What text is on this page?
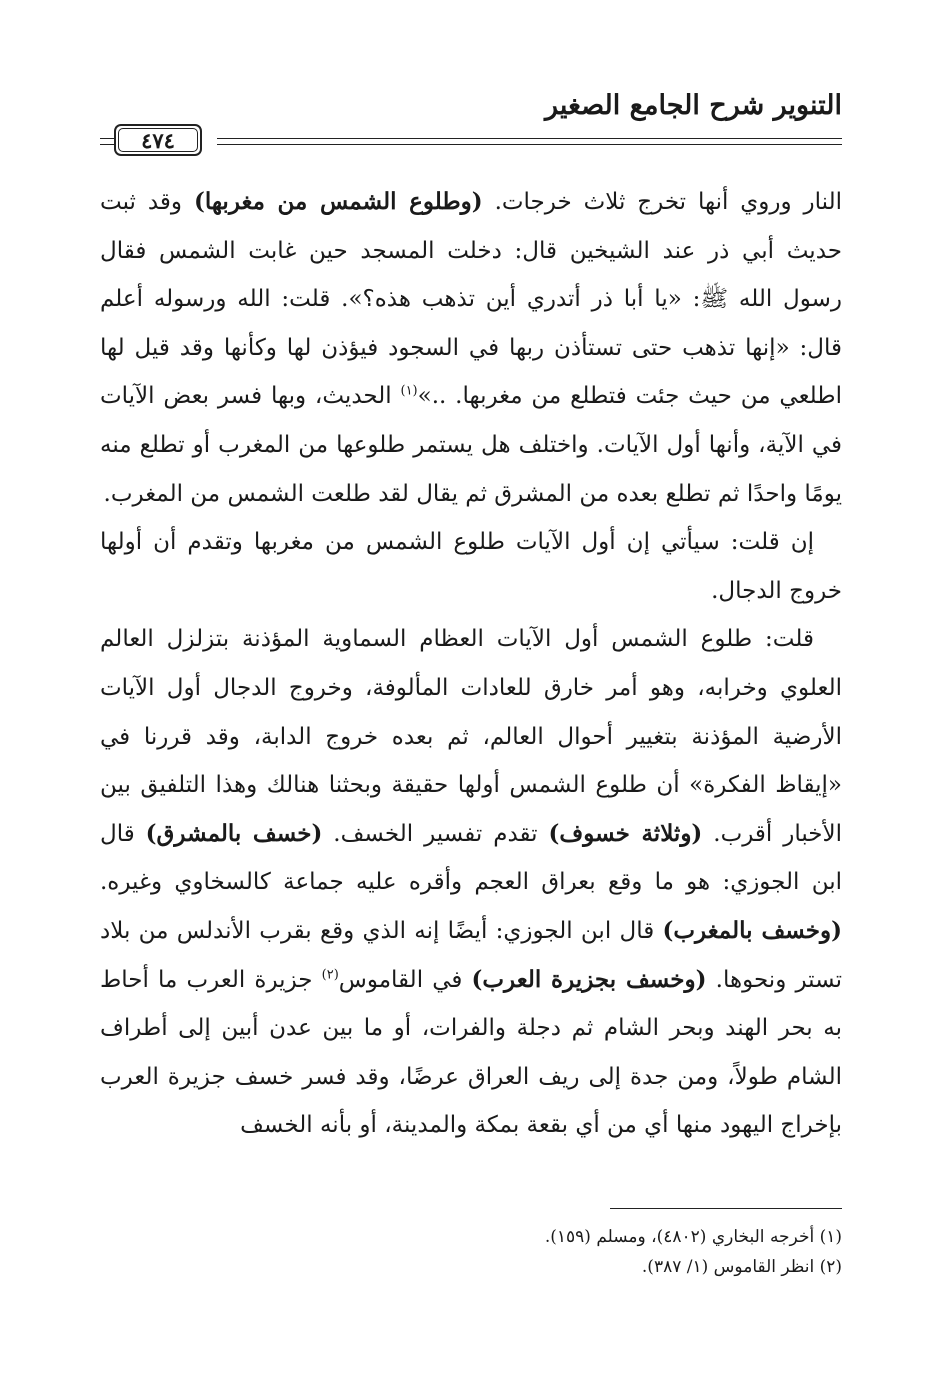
التنوير شرح الجامع الصغير
٤٧٤

النار وروي أنها تخرج ثلاث خرجات. (وطلوع الشمس من مغربها) وقد ثبت حديث أبي ذر عند الشيخين قال: دخلت المسجد حين غابت الشمس فقال رسول الله ﷺ: «يا أبا ذر أتدري أين تذهب هذه؟». قلت: الله ورسوله أعلم قال: «إنها تذهب حتى تستأذن ربها في السجود فيؤذن لها وكأنها وقد قيل لها اطلعي من حيث جئت فتطلع من مغربها. ..»$^{(١)}$ الحديث، وبها فسر بعض الآيات في الآية، وأنها أول الآيات. واختلف هل يستمر طلوعها من المغرب أو تطلع منه يومًا واحدًا ثم تطلع بعده من المشرق ثم يقال لقد طلعت الشمس من المغرب.

إن قلت: سيأتي إن أول الآيات طلوع الشمس من مغربها وتقدم أن أولها خروج الدجال.

قلت: طلوع الشمس أول الآيات العظام السماوية المؤذنة بتزلزل العالم العلوي وخرابه، وهو أمر خارق للعادات المألوفة، وخروج الدجال أول الآيات الأرضية المؤذنة بتغيير أحوال العالم، ثم بعده خروج الدابة، وقد قررنا في «إيقاظ الفكرة» أن طلوع الشمس أولها حقيقة وبحثنا هنالك وهذا التلفيق بين الأخبار أقرب. (وثلاثة خسوف) تقدم تفسير الخسف. (خسف بالمشرق) قال ابن الجوزي: هو ما وقع بعراق العجم وأقره عليه جماعة كالسخاوي وغيره. (وخسف بالمغرب) قال ابن الجوزي: أيضًا إنه الذي وقع بقرب الأندلس من بلاد تستر ونحوها. (وخسف بجزيرة العرب) في القاموس$^{(٢)}$ جزيرة العرب ما أحاط به بحر الهند وبحر الشام ثم دجلة والفرات، أو ما بين عدن أبين إلى أطراف الشام طولاً، ومن جدة إلى ريف العراق عرضًا، وقد فسر خسف جزيرة العرب بإخراج اليهود منها أي من أي بقعة بمكة والمدينة، أو بأنه الخسف

(١) أخرجه البخاري (٤٨٠٢)، ومسلم (١٥٩).
(٢) انظر القاموس (١/ ٣٨٧).
